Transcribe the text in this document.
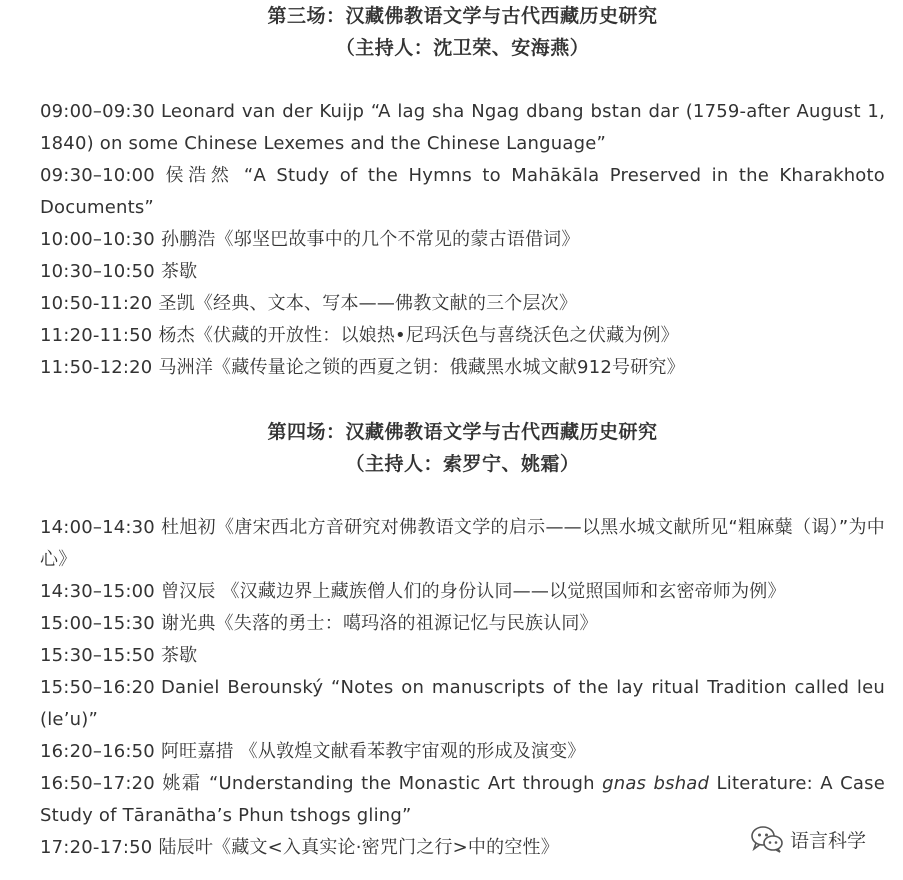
第三场：汉藏佛教语文学与古代西藏历史研究
（主持人：沈卫荣、安海燕）
09:00–09:30 Leonard van der Kuijp “A lag sha Ngag dbang bstan dar (1759-after August 1, 1840) on some Chinese Lexemes and the Chinese Language”
09:30–10:00 侯浩然 “A Study of the Hymns to Mahākāla Preserved in the Kharakhoto Documents”
10:00–10:30 孙鹏浩《邬坚巴故事中的几个不常见的蒙古语借词》
10:30–10:50 茶歇
10:50-11:20 圣凯《经典、文本、写本——佛教文献的三个层次》
11:20-11:50 杨杰《伏藏的开放性：以娘热•尼玛沃色与喜绕沃色之伏藏为例》
11:50-12:20 马洲洋《藏传量论之锁的西夏之钥：俄藏黑水城文献912号研究》
第四场：汉藏佛教语文学与古代西藏历史研究
（主持人：索罗宁、姚霜）
14:00–14:30 杜旭初《唐宋西北方音研究对佛教语文学的启示——以黑水城文献所见“粗麻糵（谒）”为中心》
14:30–15:00 曾汉辰 《汉藏边界上藏族僧人们的身份认同——以觉照国师和玄密帝师为例》
15:00–15:30 谢光典《失落的勇士：噶玛洛的祖源记忆与民族认同》
15:30–15:50 茶歇
15:50–16:20 Daniel Berounský “Notes on manuscripts of the lay ritual Tradition called leu (le’u)”
16:20–16:50 阿旺嘉措 《从敦煌文献看苯教宇宙观的形成及演变》
16:50–17:20 姚霜 “Understanding the Monastic Art through gnas bshad Literature: A Case Study of Tāranātha’s Phun tshogs gling”
17:20-17:50 陆辰叶《藏文<入真实论·密咒门之行>中的空性》	语言科学
